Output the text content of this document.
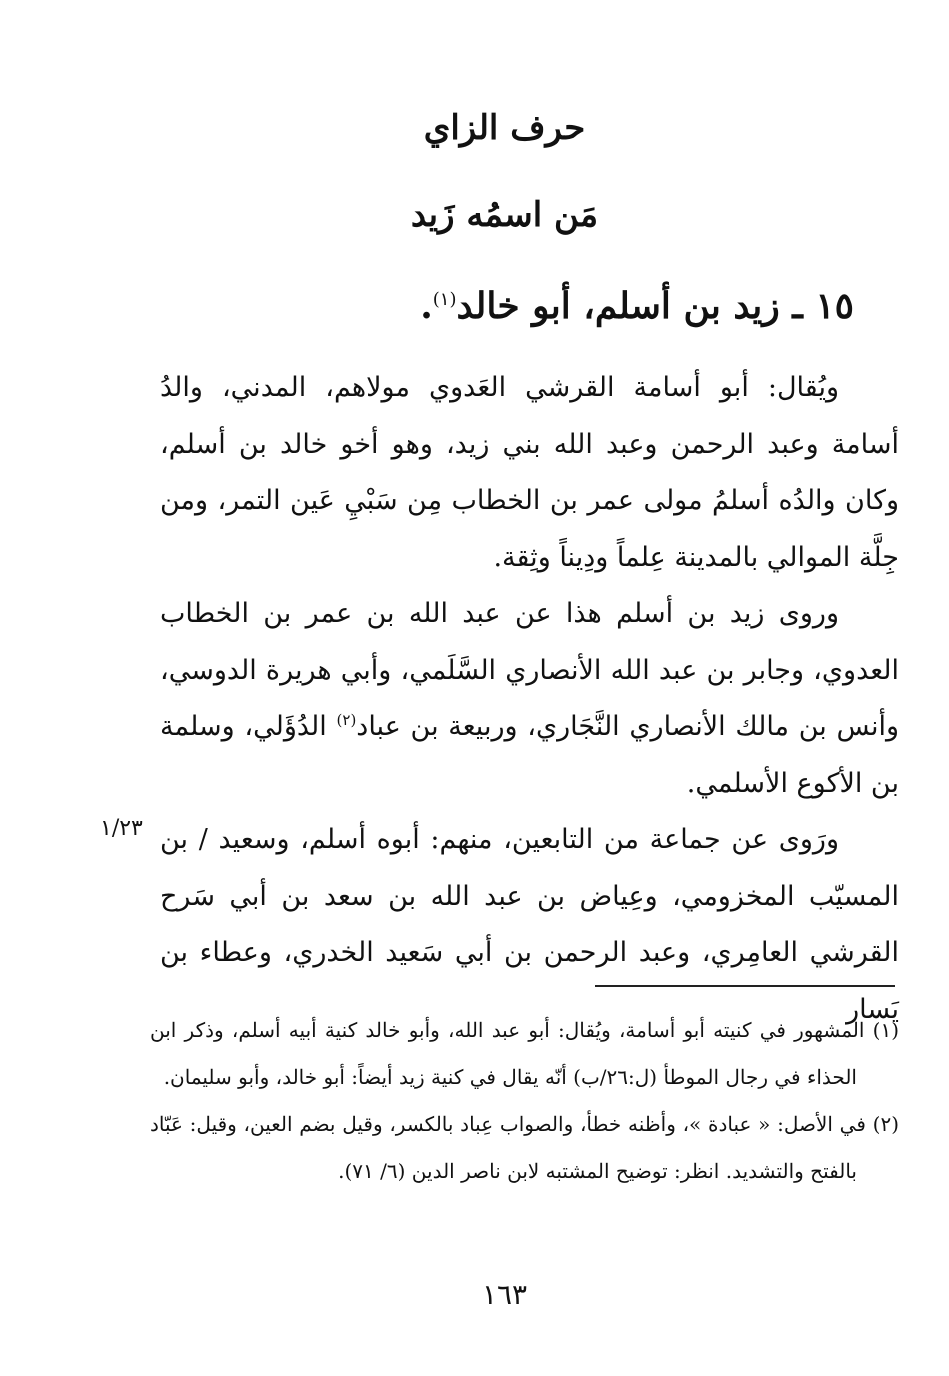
حرف الزاي
مَن اسمُه زَيد
١٥ ـ زيد بن أسلم، أبو خالد$^{(١)}$.

ويُقال: أبو أسامة القرشي العَدوي مولاهم، المدني، والدُ أسامة وعبد الرحمن وعبد الله بني زيد، وهو أخو خالد بن أسلم، وكان والدُه أسلمُ مولى عمر بن الخطاب مِن سَبْيِ عَين التمر، ومن جِلَّة الموالي بالمدينة عِلماً ودِيناً وثِقة.

وروى زيد بن أسلم هذا عن عبد الله بن عمر بن الخطاب العدوي، وجابر بن عبد الله الأنصاري السَّلَمي، وأبي هريرة الدوسي، وأنس بن مالك الأنصاري النَّجَاري، وربيعة بن عباد$^{(٢)}$ الدُؤَلي، وسلمة بن الأكوع الأسلمي.

ورَوى عن جماعة من التابعين، منهم: أبوه أسلم، وسعيد / بن المسيّب المخزومي، وعِياض بن عبد الله بن سعد بن أبي سَرح القرشي العامِري، وعبد الرحمن بن أبي سَعيد الخدري، وعطاء بن يَسار

١/٢٣

(١) المشهور في كنيته أبو أسامة، ويُقال: أبو عبد الله، وأبو خالد كنية أبيه أسلم، وذكر ابن الحذاء في رجال الموطأ (ل:٢٦/ب) أنّه يقال في كنية زيد أيضاً: أبو خالد، وأبو سليمان.

(٢) في الأصل: « عبادة »، وأظنه خطأ، والصواب عِباد بالكسر، وقيل بضم العين، وقيل: عَبّاد بالفتح والتشديد. انظر: توضيح المشتبه لابن ناصر الدين (٦/ ٧١).

١٦٣
